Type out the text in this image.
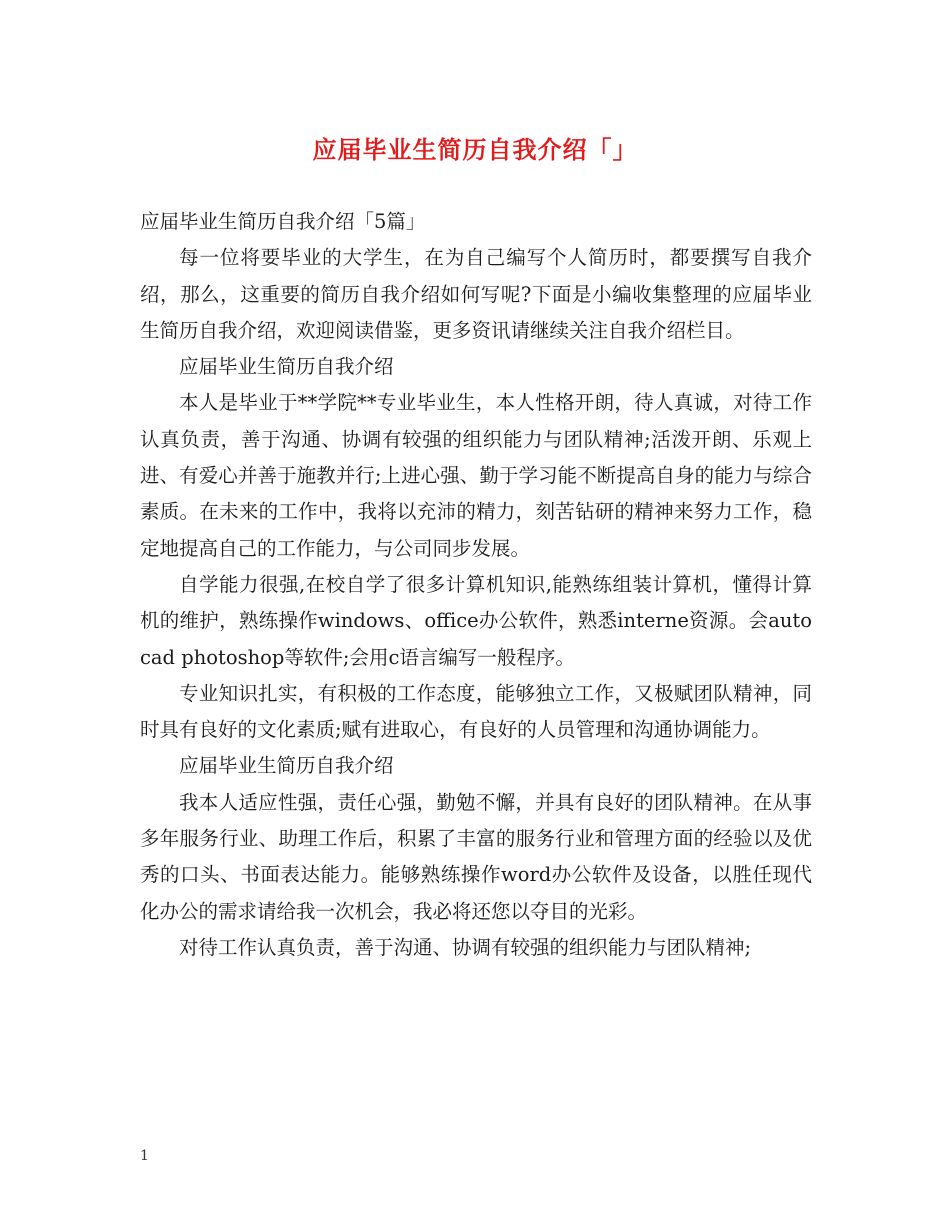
应届毕业生简历自我介绍「」

应届毕业生简历自我介绍「5篇」

每一位将要毕业的大学生，在为自己编写个人简历时，都要撰写自我介绍，那么，这重要的简历自我介绍如何写呢?下面是小编收集整理的应届毕业生简历自我介绍，欢迎阅读借鉴，更多资讯请继续关注自我介绍栏目。

应届毕业生简历自我介绍

本人是毕业于**学院**专业毕业生，本人性格开朗，待人真诚，对待工作认真负责，善于沟通、协调有较强的组织能力与团队精神;活泼开朗、乐观上进、有爱心并善于施教并行;上进心强、勤于学习能不断提高自身的能力与综合素质。在未来的工作中，我将以充沛的精力，刻苦钻研的精神来努力工作，稳定地提高自己的工作能力，与公司同步发展。

自学能力很强,在校自学了很多计算机知识,能熟练组装计算机，懂得计算机的维护，熟练操作windows、office办公软件，熟悉interne资源。会auto cad photoshop等软件;会用c语言编写一般程序。

专业知识扎实，有积极的工作态度，能够独立工作，又极赋团队精神，同时具有良好的文化素质;赋有进取心，有良好的人员管理和沟通协调能力。

应届毕业生简历自我介绍

我本人适应性强，责任心强，勤勉不懈，并具有良好的团队精神。在从事多年服务行业、助理工作后，积累了丰富的服务行业和管理方面的经验以及优秀的口头、书面表达能力。能够熟练操作word办公软件及设备，以胜任现代化办公的需求请给我一次机会，我必将还您以夺目的光彩。

对待工作认真负责，善于沟通、协调有较强的组织能力与团队精神;

1
